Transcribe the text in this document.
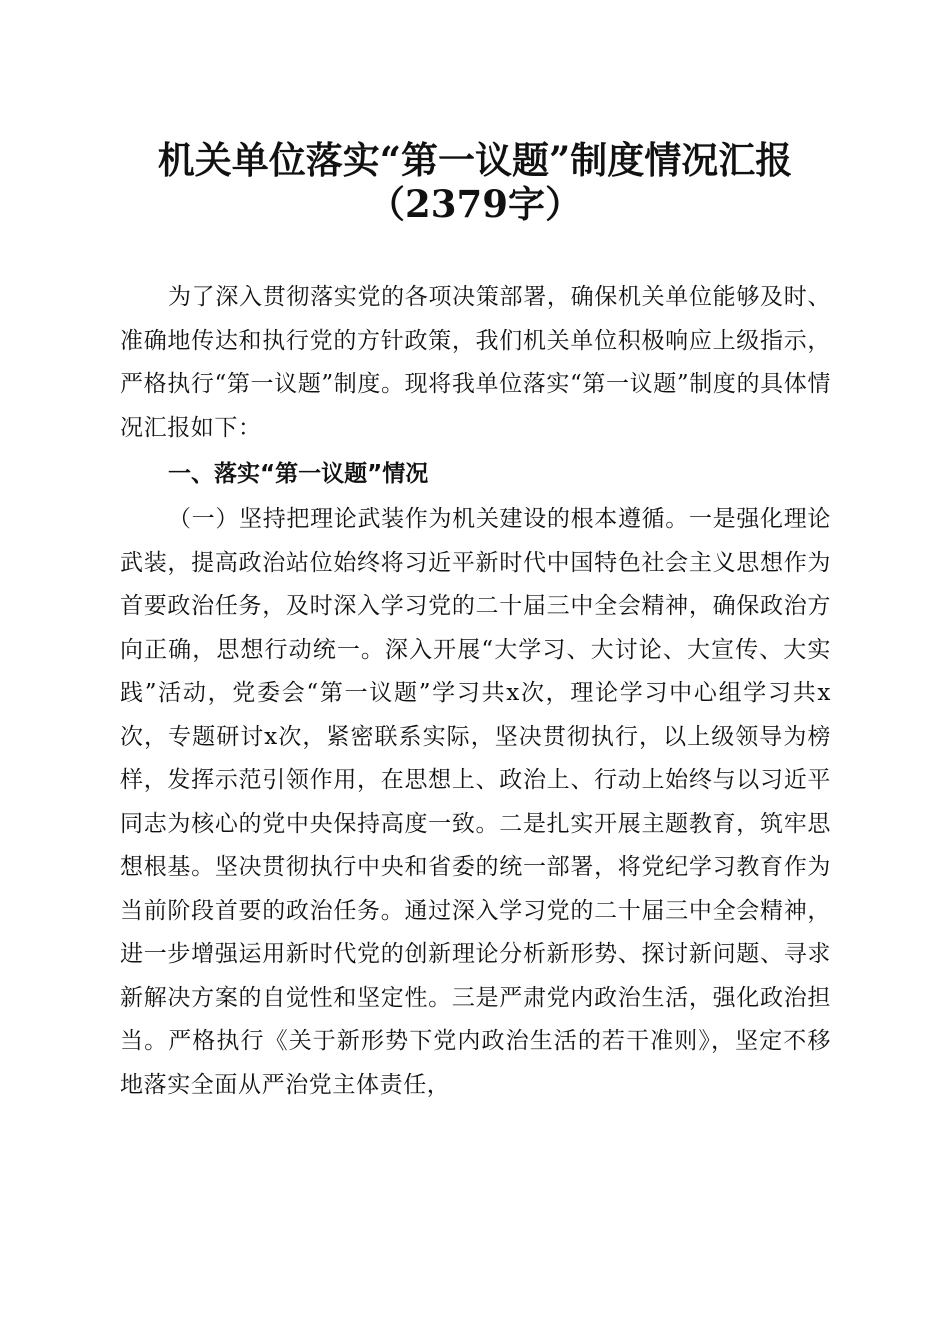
机关单位落实“第一议题”制度情况汇报
（2379字）

为了深入贯彻落实党的各项决策部署，确保机关单位能够及时、准确地传达和执行党的方针政策，我们机关单位积极响应上级指示，严格执行“第一议题”制度。现将我单位落实“第一议题”制度的具体情况汇报如下：

一、落实“第一议题”情况

（一）坚持把理论武装作为机关建设的根本遵循。一是强化理论武装，提高政治站位始终将习近平新时代中国特色社会主义思想作为首要政治任务，及时深入学习党的二十届三中全会精神，确保政治方向正确，思想行动统一。深入开展“大学习、大讨论、大宣传、大实践”活动，党委会“第一议题”学习共x次，理论学习中心组学习共x次，专题研讨x次，紧密联系实际，坚决贯彻执行，以上级领导为榜样，发挥示范引领作用，在思想上、政治上、行动上始终与以习近平同志为核心的党中央保持高度一致。二是扎实开展主题教育，筑牢思想根基。坚决贯彻执行中央和省委的统一部署，将党纪学习教育作为当前阶段首要的政治任务。通过深入学习党的二十届三中全会精神，进一步增强运用新时代党的创新理论分析新形势、探讨新问题、寻求新解决方案的自觉性和坚定性。三是严肃党内政治生活，强化政治担当。严格执行《关于新形势下党内政治生活的若干准则》，坚定不移地落实全面从严治党主体责任，
